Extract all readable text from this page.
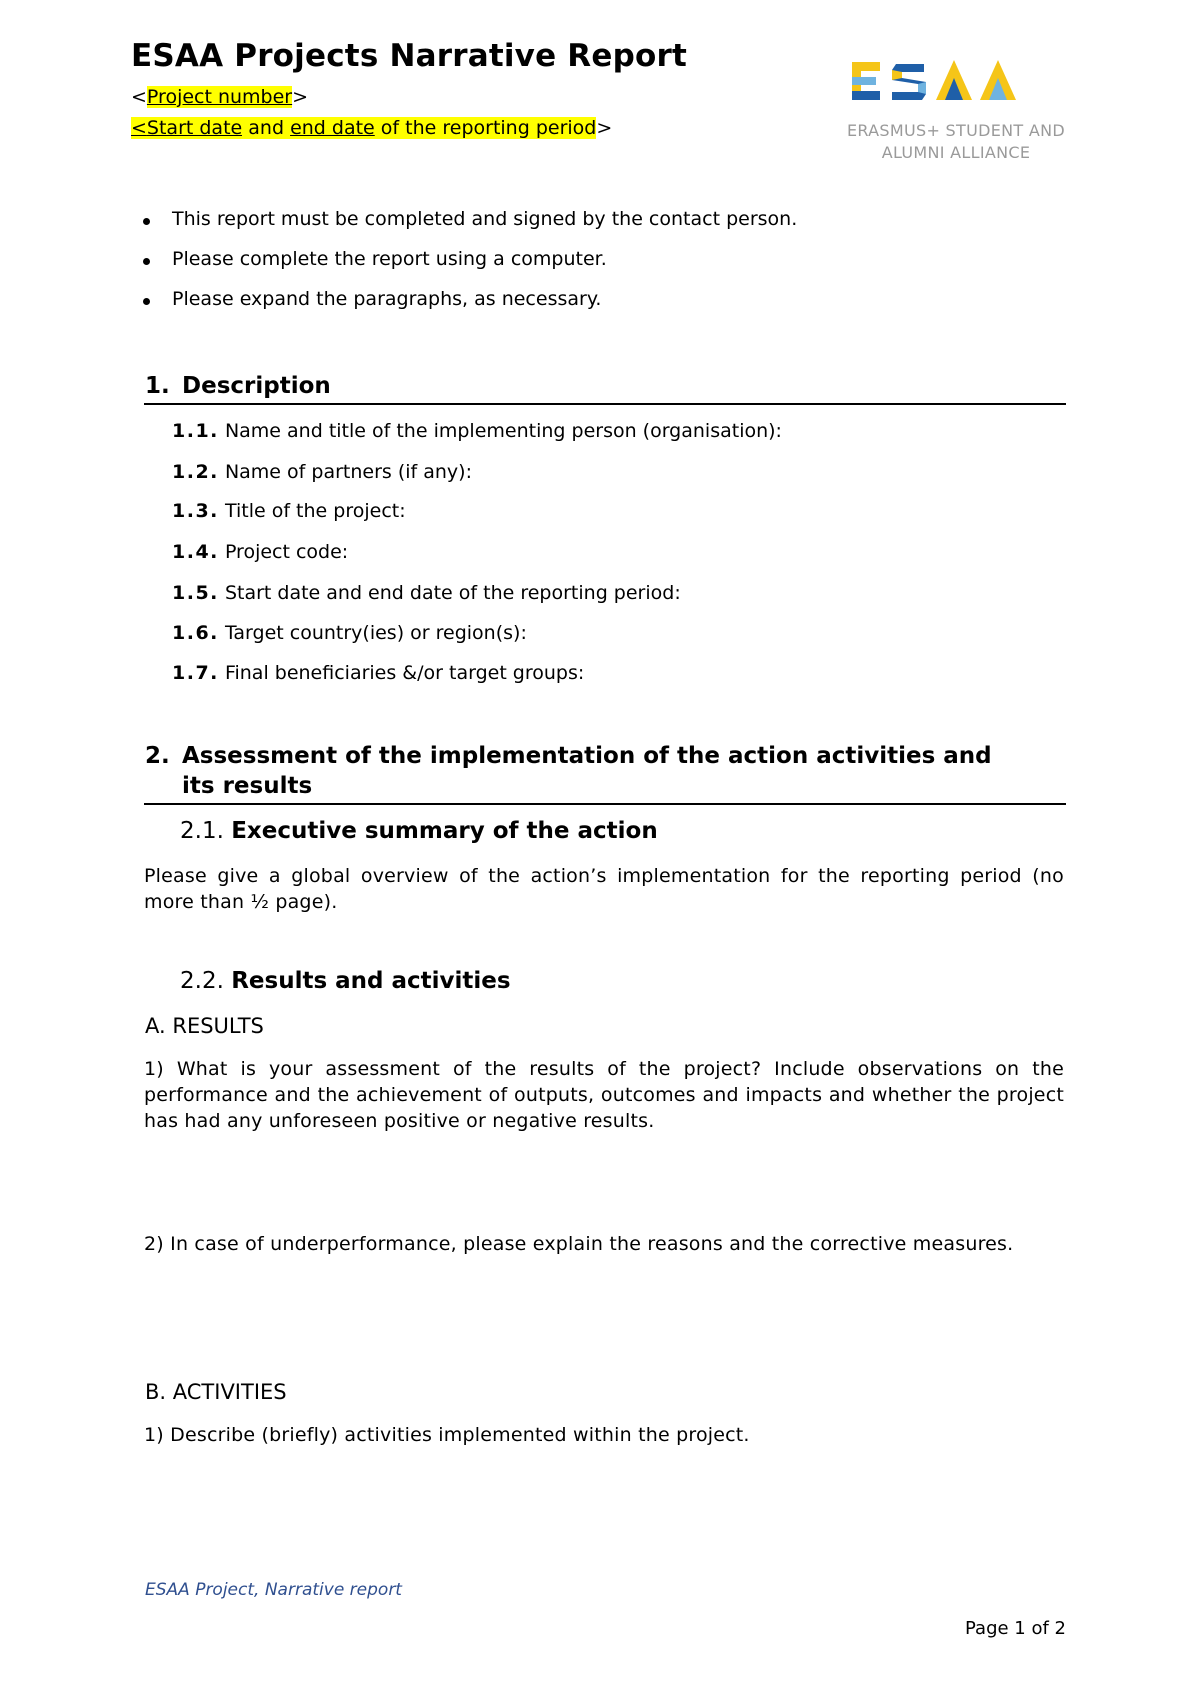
ESAA Projects Narrative Report
<Project number>
<Start date and end date of the reporting period>	ERASMUS+ STUDENT AND
ALUMNI ALLIANCE
This report must be completed and signed by the contact person.
Please complete the report using a computer.
Please expand the paragraphs, as necessary.
1. Description
1.1. Name and title of the implementing person (organisation):
1.2. Name of partners (if any):
1.3. Title of the project:
1.4. Project code:
1.5. Start date and end date of the reporting period:
1.6. Target country(ies) or region(s):
1.7. Final beneficiaries &/or target groups:
2. Assessment of the implementation of the action activities and
its results
2.1. Executive summary of the action
Please give a global overview of the action’s implementation for the reporting period (no more than ½ page).
2.2. Results and activities
A. RESULTS
1) What is your assessment of the results of the project? Include observations on the performance and the achievement of outputs, outcomes and impacts and whether the project has had any unforeseen positive or negative results.
2) In case of underperformance, please explain the reasons and the corrective measures.
B. ACTIVITIES
1) Describe (briefly) activities implemented within the project.
ESAA Project, Narrative report
Page 1 of 2
